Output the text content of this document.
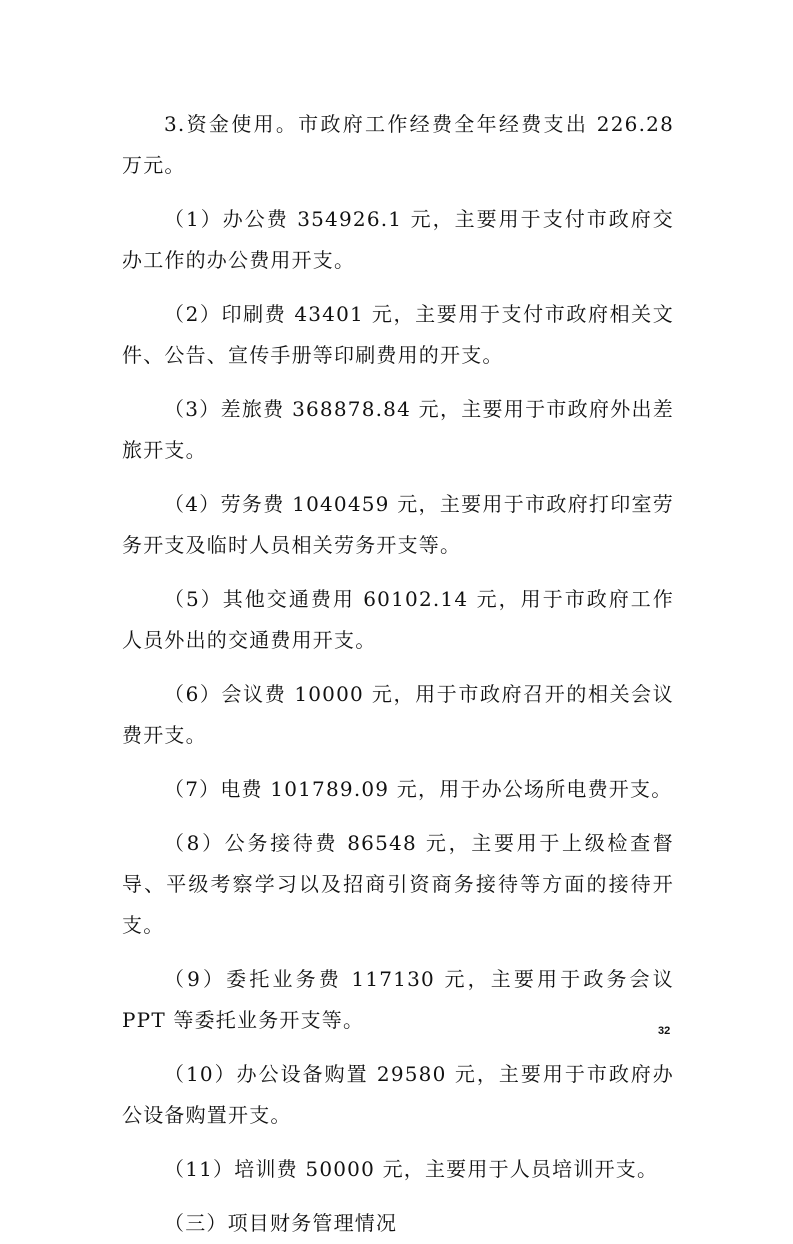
3.资金使用。市政府工作经费全年经费支出 226.28 万元。

（1）办公费 354926.1 元，主要用于支付市政府交办工作的办公费用开支。

（2）印刷费 43401 元，主要用于支付市政府相关文件、公告、宣传手册等印刷费用的开支。

（3）差旅费 368878.84 元，主要用于市政府外出差旅开支。

（4）劳务费 1040459 元，主要用于市政府打印室劳务开支及临时人员相关劳务开支等。

（5）其他交通费用 60102.14 元，用于市政府工作人员外出的交通费用开支。

（6）会议费 10000 元，用于市政府召开的相关会议费开支。

（7）电费 101789.09 元，用于办公场所电费开支。

（8）公务接待费 86548 元，主要用于上级检查督导、平级考察学习以及招商引资商务接待等方面的接待开支。

（9）委托业务费 117130 元，主要用于政务会议 PPT 等委托业务开支等。

（10）办公设备购置 29580 元，主要用于市政府办公设备购置开支。

（11）培训费 50000 元，主要用于人员培训开支。

（三）项目财务管理情况

32
